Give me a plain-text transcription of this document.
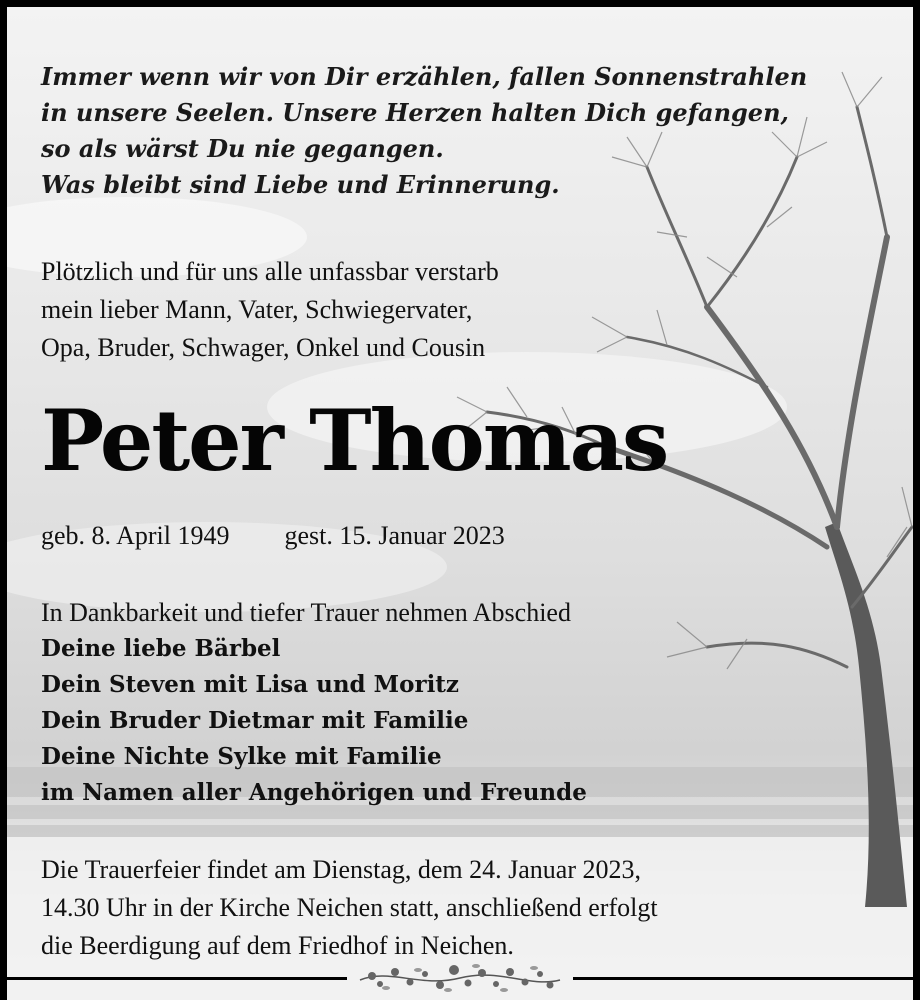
Immer wenn wir von Dir erzählen, fallen Sonnenstrahlen
in unsere Seelen. Unsere Herzen halten Dich gefangen,
so als wärst Du nie gegangen.
Was bleibt sind Liebe und Erinnerung.
Plötzlich und für uns alle unfassbar verstarb
mein lieber Mann, Vater, Schwiegervater,
Opa, Bruder, Schwager, Onkel und Cousin
Peter Thomas
geb. 8. April 1949 gest. 15. Januar 2023
In Dankbarkeit und tiefer Trauer nehmen Abschied
Deine liebe Bärbel
Dein Steven mit Lisa und Moritz
Dein Bruder Dietmar mit Familie
Deine Nichte Sylke mit Familie
im Namen aller Angehörigen und Freunde
Die Trauerfeier findet am Dienstag, dem 24. Januar 2023,
14.30 Uhr in der Kirche Neichen statt, anschließend erfolgt
die Beerdigung auf dem Friedhof in Neichen.
